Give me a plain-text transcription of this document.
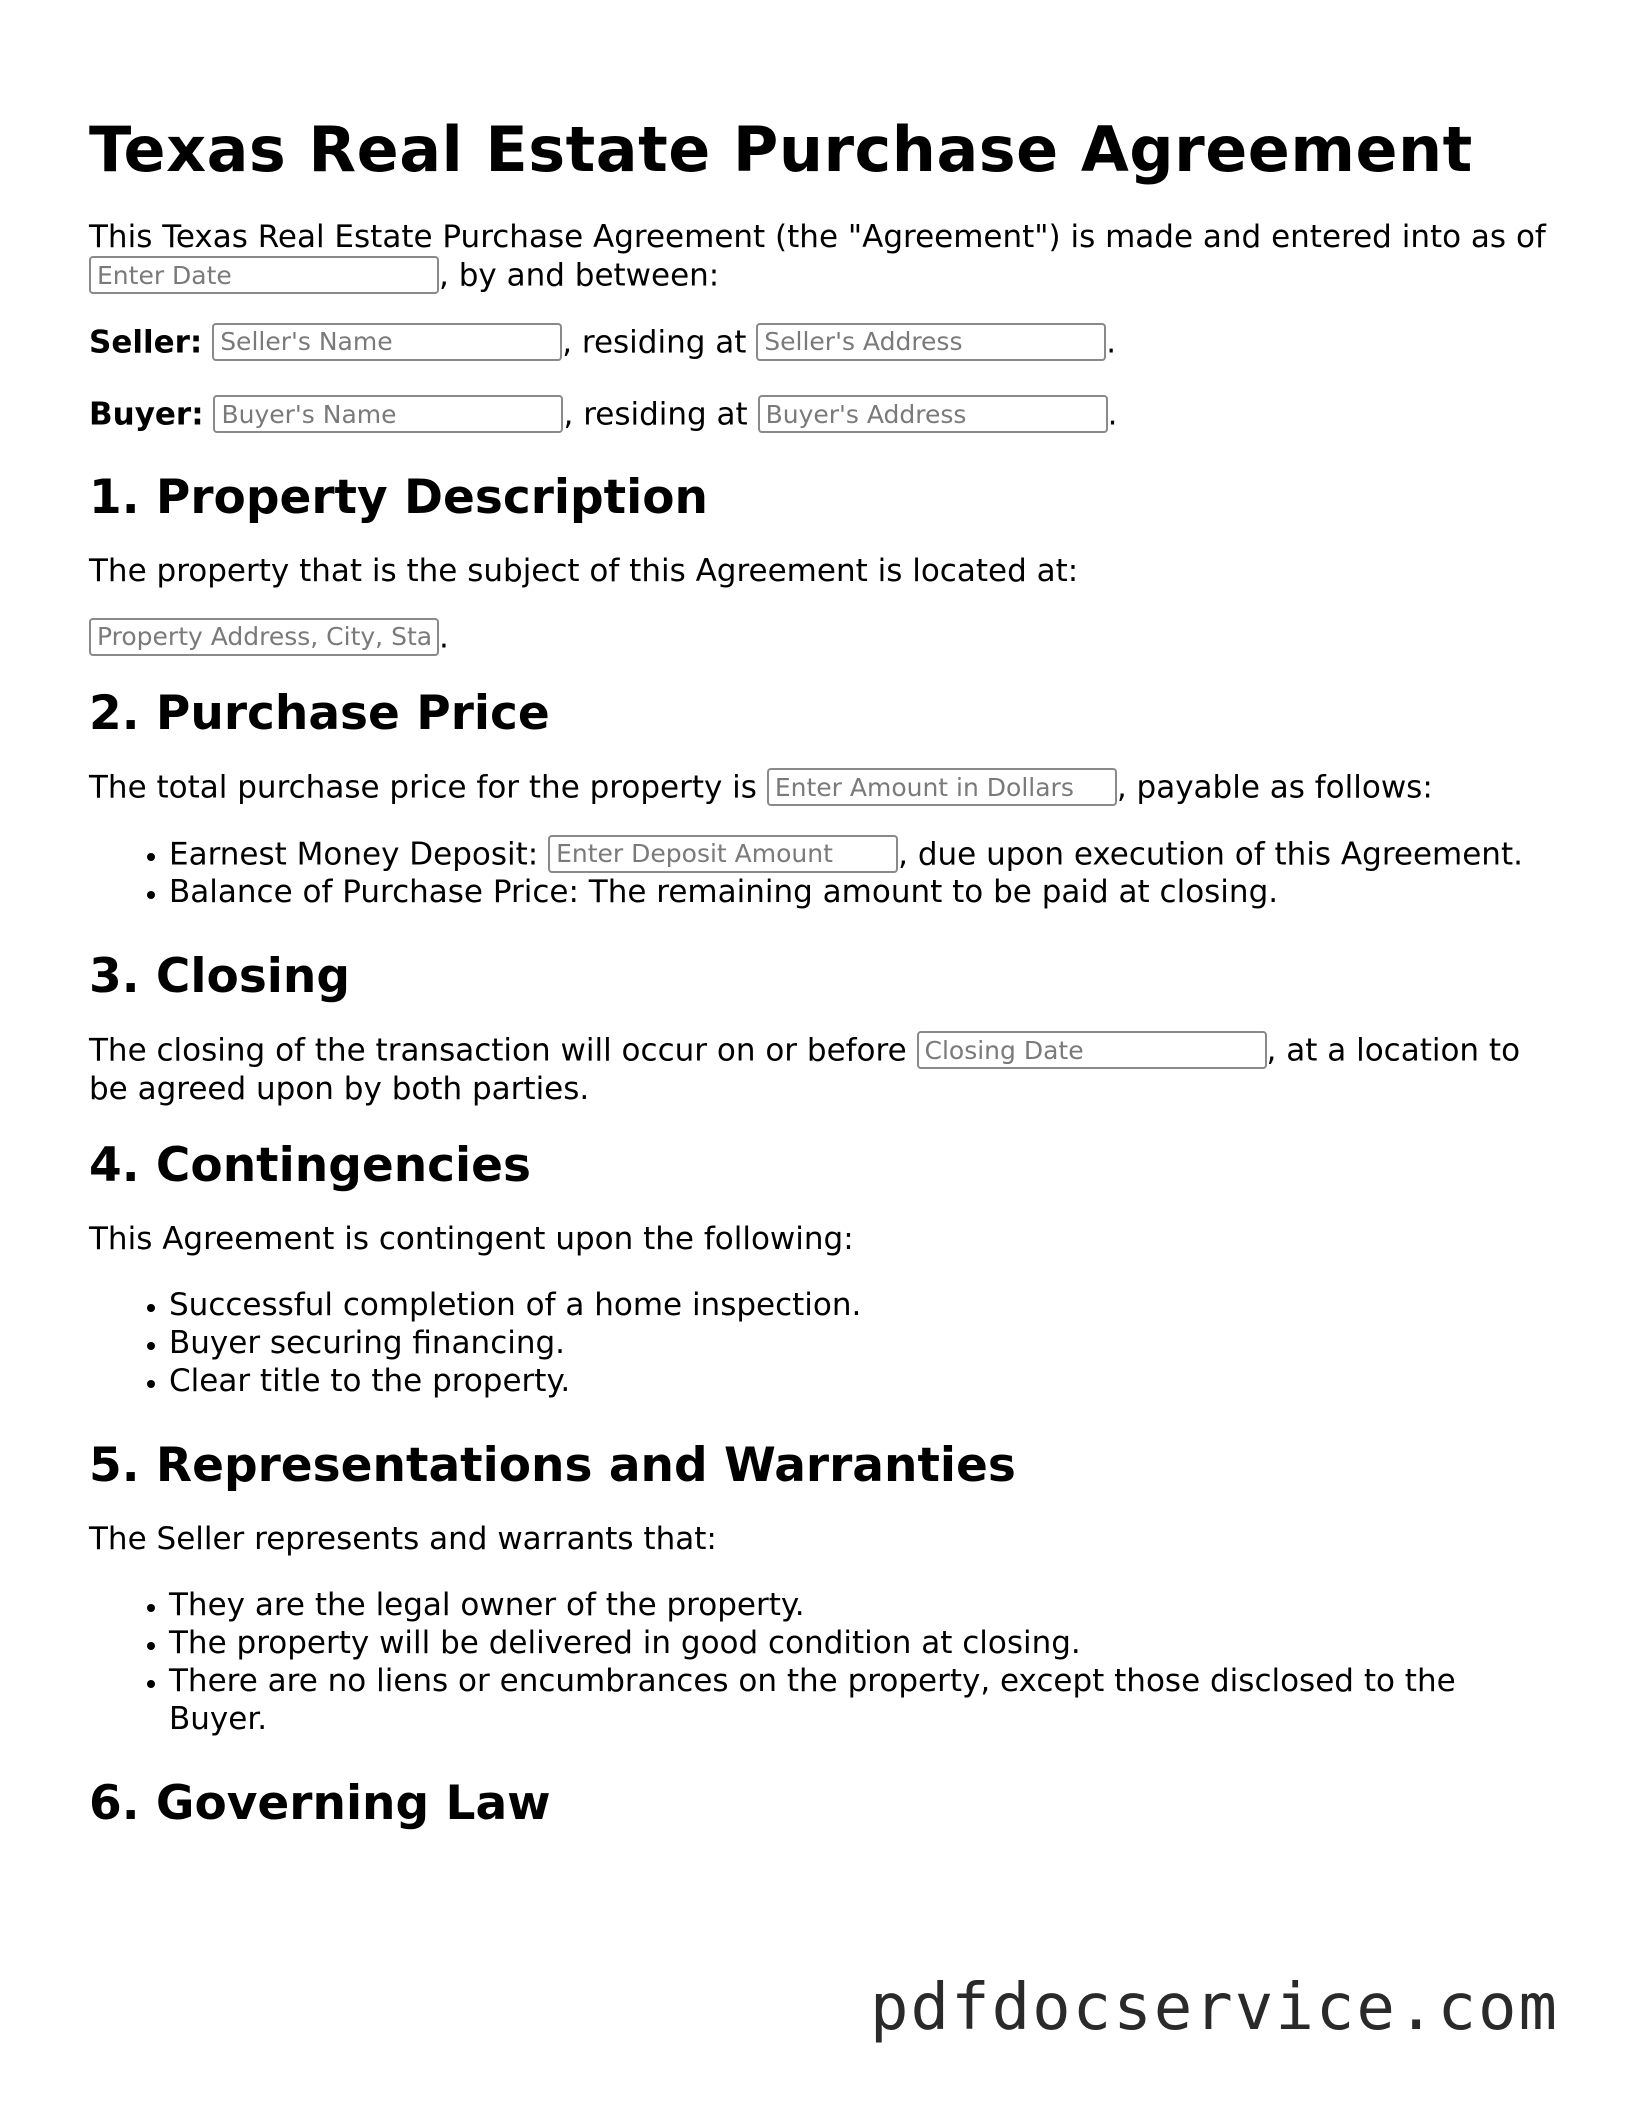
Texas Real Estate Purchase Agreement

This Texas Real Estate Purchase Agreement (the "Agreement") is made and entered into as of Enter Date, by and between:

Seller: Seller's Name	, residing at Seller's Address	.

Buyer: Buyer's Name	, residing at Buyer's Address	.

1. Property Description

The property that is the subject of this Agreement is located at:

Property Address, City, State, ZIP.

2. Purchase Price

The total purchase price for the property is Enter Amount in Dollars	, payable as follows:

• Earnest Money Deposit: Enter Deposit Amount	, due upon execution of this Agreement.
• Balance of Purchase Price: The remaining amount to be paid at closing.
3. Closing

The closing of the transaction will occur on or before Closing Date	, at a location to be agreed upon by both parties.

4. Contingencies

This Agreement is contingent upon the following:

• Successful completion of a home inspection.
• Buyer securing financing.
• Clear title to the property.
5. Representations and Warranties

The Seller represents and warrants that:

• They are the legal owner of the property.
• The property will be delivered in good condition at closing.
• There are no liens or encumbrances on the property, except those disclosed to the Buyer.
6. Governing Law
pdfdocservice.com
